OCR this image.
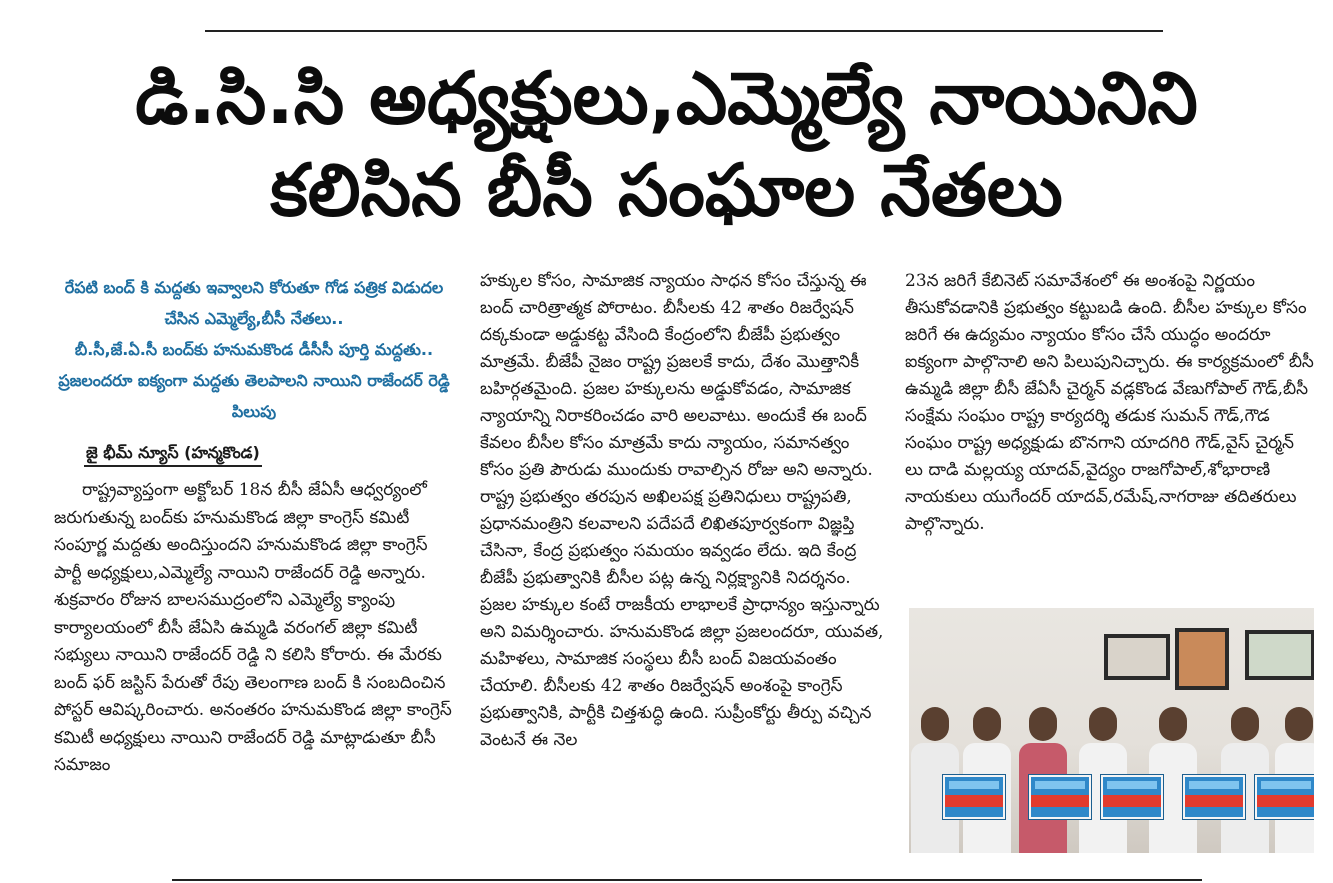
డి.సి.సి అధ్యక్షులు,ఎమ్మెల్యే నాయినిని
కలిసిన బీసీ సంఘాల నేతలు

రేపటి బంద్ కి మద్దతు ఇవ్వాలని కోరుతూ గోడ పత్రిక విడుదల చేసిన ఎమ్మెల్యే,బీసీ నేతలు..

బీ.సీ,జే.ఏ.సీ బంద్‌కు హనుమకొండ డీసీసీ పూర్తి మద్దతు..

ప్రజలందరూ ఐక్యంగా మద్దతు తెలపాలని నాయిని రాజేందర్ రెడ్డి పిలుపు

జై భీమ్ న్యూస్ (హన్మకొండ)

రాష్ట్రవ్యాప్తంగా అక్టోబర్ 18న బీసీ జేఏసీ ఆధ్వర్యంలో జరుగుతున్న బంద్‌కు హనుమకొండ జిల్లా కాంగ్రెస్ కమిటీ సంపూర్ణ మద్దతు అందిస్తుందని హనుమకొండ జిల్లా కాంగ్రెస్ పార్టీ అధ్యక్షులు,ఎమ్మెల్యే నాయిని రాజేందర్ రెడ్డి అన్నారు. శుక్రవారం రోజున బాలసముద్రంలోని ఎమ్మెల్యే క్యాంపు కార్యాలయంలో బీసీ జేఏసి ఉమ్మడి వరంగల్ జిల్లా కమిటీ సభ్యులు నాయిని రాజేందర్ రెడ్డి ని కలిసి కోరారు. ఈ మేరకు బంద్ ఫర్ జస్టిస్ పేరుతో రేపు తెలంగాణ బంద్ కి సంబదించిన పోస్టర్ ఆవిష్కరించారు. అనంతరం హనుమకొండ జిల్లా కాంగ్రెస్ కమిటీ అధ్యక్షులు నాయిని రాజేందర్ రెడ్డి మాట్లాడుతూ బీసీ సమాజం

హక్కుల కోసం, సామాజిక న్యాయం సాధన కోసం చేస్తున్న ఈ బంద్ చారిత్రాత్మక పోరాటం. బీసీలకు 42 శాతం రిజర్వేషన్ దక్కకుండా అడ్డుకట్ట వేసింది కేంద్రంలోని బీజేపీ ప్రభుత్వం మాత్రమే. బీజేపీ నైజం రాష్ట్ర ప్రజలకే కాదు, దేశం మొత్తానికీ బహిర్గతమైంది. ప్రజల హక్కులను అడ్డుకోవడం, సామాజిక న్యాయాన్ని నిరాకరించడం వారి అలవాటు. అందుకే ఈ బంద్ కేవలం బీసీల కోసం మాత్రమే కాదు న్యాయం, సమానత్వం కోసం ప్రతి పౌరుడు ముందుకు రావాల్సిన రోజు అని అన్నారు. రాష్ట్ర ప్రభుత్వం తరపున అఖిలపక్ష ప్రతినిధులు రాష్ట్రపతి, ప్రధానమంత్రిని కలవాలని పదేపదే లిఖితపూర్వకంగా విజ్ఞప్తి చేసినా, కేంద్ర ప్రభుత్వం సమయం ఇవ్వడం లేదు. ఇది కేంద్ర బీజేపీ ప్రభుత్వానికి బీసీల పట్ల ఉన్న నిర్లక్ష్యానికి నిదర్శనం. ప్రజల హక్కుల కంటే రాజకీయ లాభాలకే ప్రాధాన్యం ఇస్తున్నారు అని విమర్శించారు. హనుమకొండ జిల్లా ప్రజలందరూ, యువత, మహిళలు, సామాజిక సంస్థలు బీసీ బంద్ విజయవంతం చేయాలి. బీసీలకు 42 శాతం రిజర్వేషన్ అంశంపై కాంగ్రెస్ ప్రభుత్వానికి, పార్టీకి చిత్తశుద్ధి ఉంది. సుప్రీంకోర్టు తీర్పు వచ్చిన వెంటనే ఈ నెల

23న జరిగే కేబినెట్ సమావేశంలో ఈ అంశంపై నిర్ణయం తీసుకోవడానికి ప్రభుత్వం కట్టుబడి ఉంది. బీసీల హక్కుల కోసం జరిగే ఈ ఉద్యమం న్యాయం కోసం చేసే యుద్ధం అందరూ ఐక్యంగా పాల్గొనాలి అని పిలుపునిచ్చారు. ఈ కార్యక్రమంలో బీసీ ఉమ్మడి జిల్లా బీసీ జేఏసీ చైర్మన్ వడ్లకొండ వేణుగోపాల్ గౌడ్,బీసీ సంక్షేమ సంఘం రాష్ట్ర కార్యదర్శి తడుక సుమన్ గౌడ్,గౌడ సంఘం రాష్ట్ర అధ్యక్షుడు బొనగాని యాదగిరి గౌడ్,వైస్ చైర్మన్ లు దాడి మల్లయ్య యాదవ్,వైద్యం రాజగోపాల్,శోభారాణి నాయకులు యుగేందర్ యాదవ్,రమేష్,నాగరాజు తదితరులు పాల్గొన్నారు.
